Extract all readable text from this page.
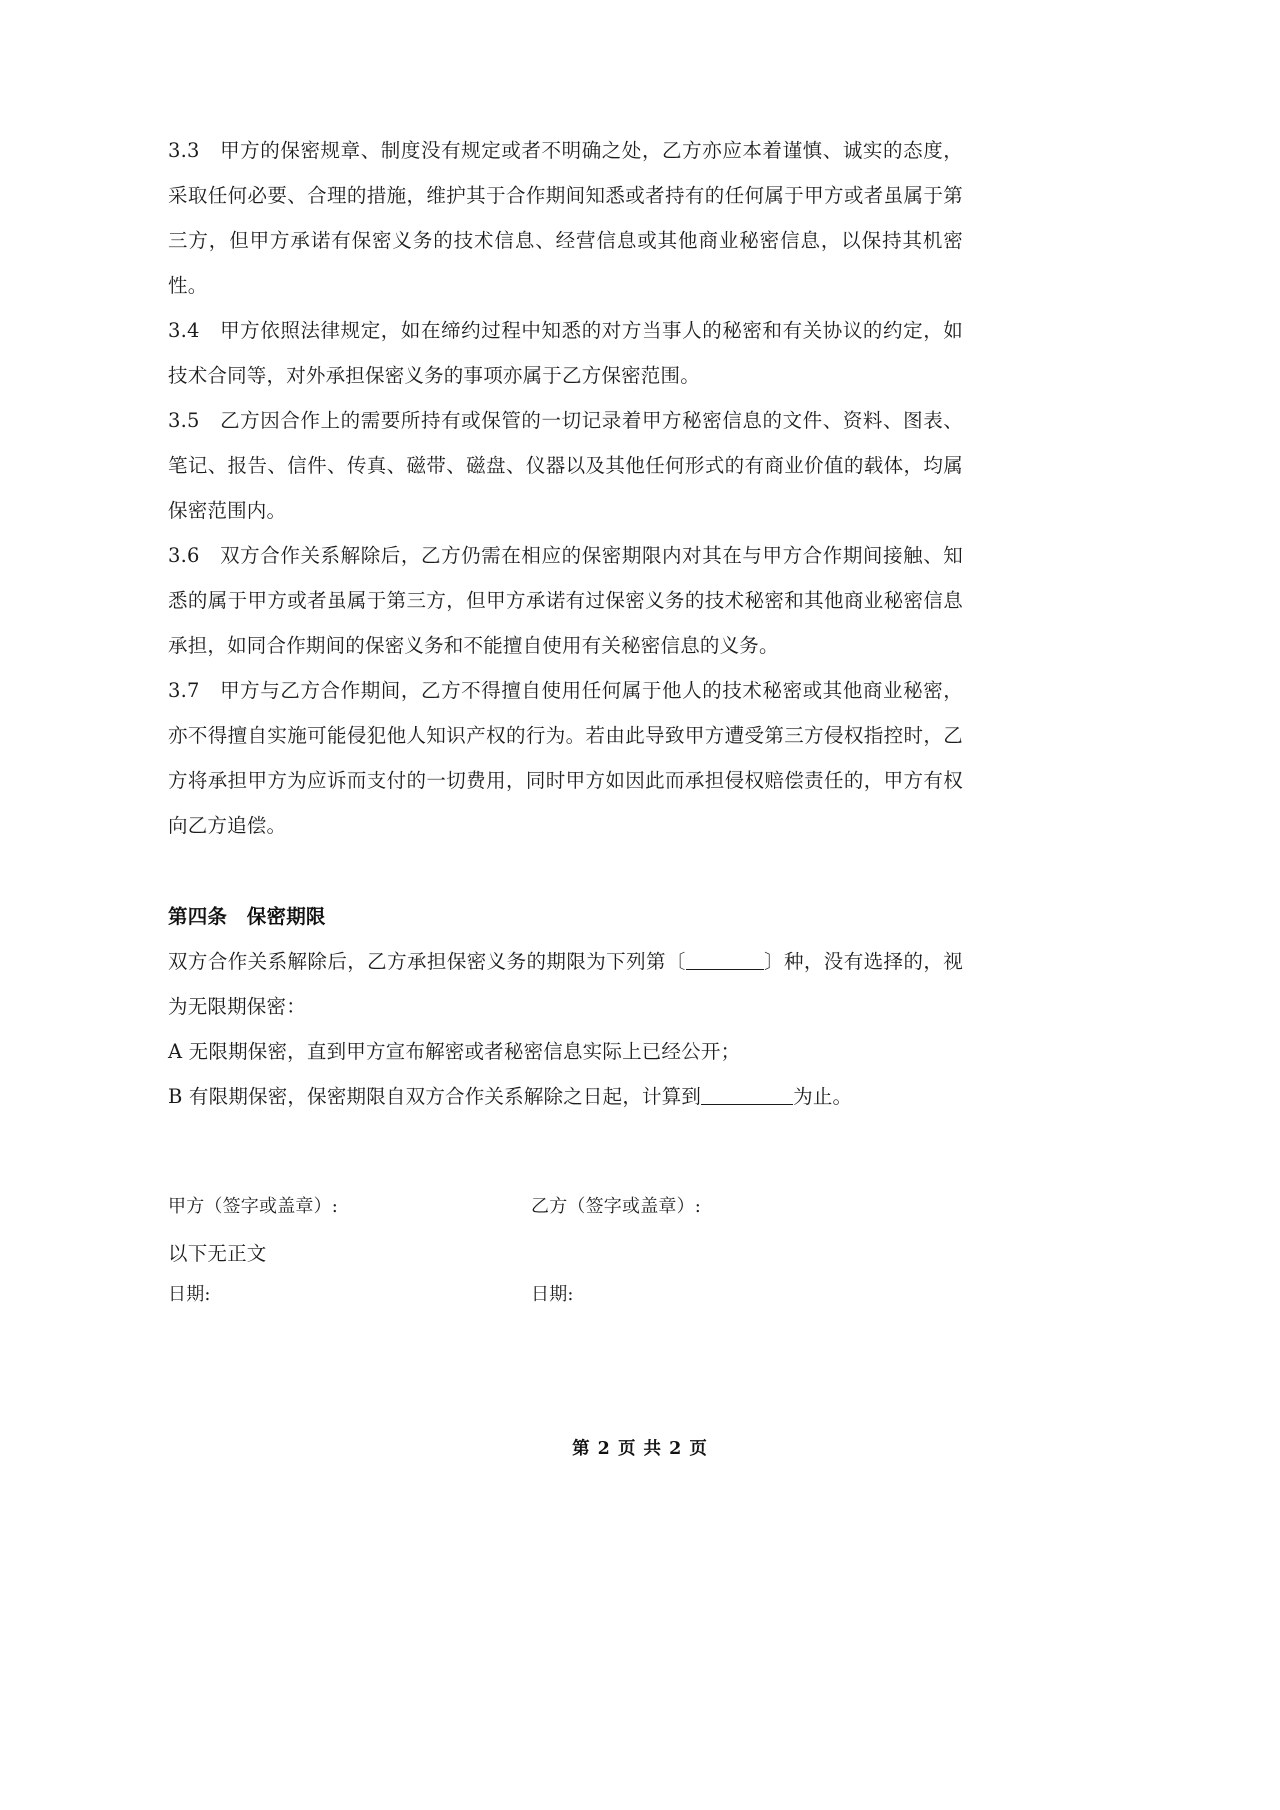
3.3　甲方的保密规章、制度没有规定或者不明确之处，乙方亦应本着谨慎、诚实的态度，采取任何必要、合理的措施，维护其于合作期间知悉或者持有的任何属于甲方或者虽属于第三方，但甲方承诺有保密义务的技术信息、经营信息或其他商业秘密信息，以保持其机密性。

3.4　甲方依照法律规定，如在缔约过程中知悉的对方当事人的秘密和有关协议的约定，如技术合同等，对外承担保密义务的事项亦属于乙方保密范围。

3.5　乙方因合作上的需要所持有或保管的一切记录着甲方秘密信息的文件、资料、图表、笔记、报告、信件、传真、磁带、磁盘、仪器以及其他任何形式的有商业价值的载体，均属保密范围内。

3.6　双方合作关系解除后，乙方仍需在相应的保密期限内对其在与甲方合作期间接触、知悉的属于甲方或者虽属于第三方，但甲方承诺有过保密义务的技术秘密和其他商业秘密信息承担，如同合作期间的保密义务和不能擅自使用有关秘密信息的义务。

3.7　甲方与乙方合作期间，乙方不得擅自使用任何属于他人的技术秘密或其他商业秘密，亦不得擅自实施可能侵犯他人知识产权的行为。若由此导致甲方遭受第三方侵权指控时，乙方将承担甲方为应诉而支付的一切费用，同时甲方如因此而承担侵权赔偿责任的，甲方有权向乙方追偿。

第四条　保密期限

双方合作关系解除后，乙方承担保密义务的期限为下列第〔	〕种，没有选择的，视为无限期保密：

A 无限期保密，直到甲方宣布解密或者秘密信息实际上已经公开；

B 有限期保密，保密期限自双方合作关系解除之日起，计算到	为止。

以下无正文

甲方（签字或盖章）:	乙方（签字或盖章）:
日期:	日期:
第 2 页 共 2 页
